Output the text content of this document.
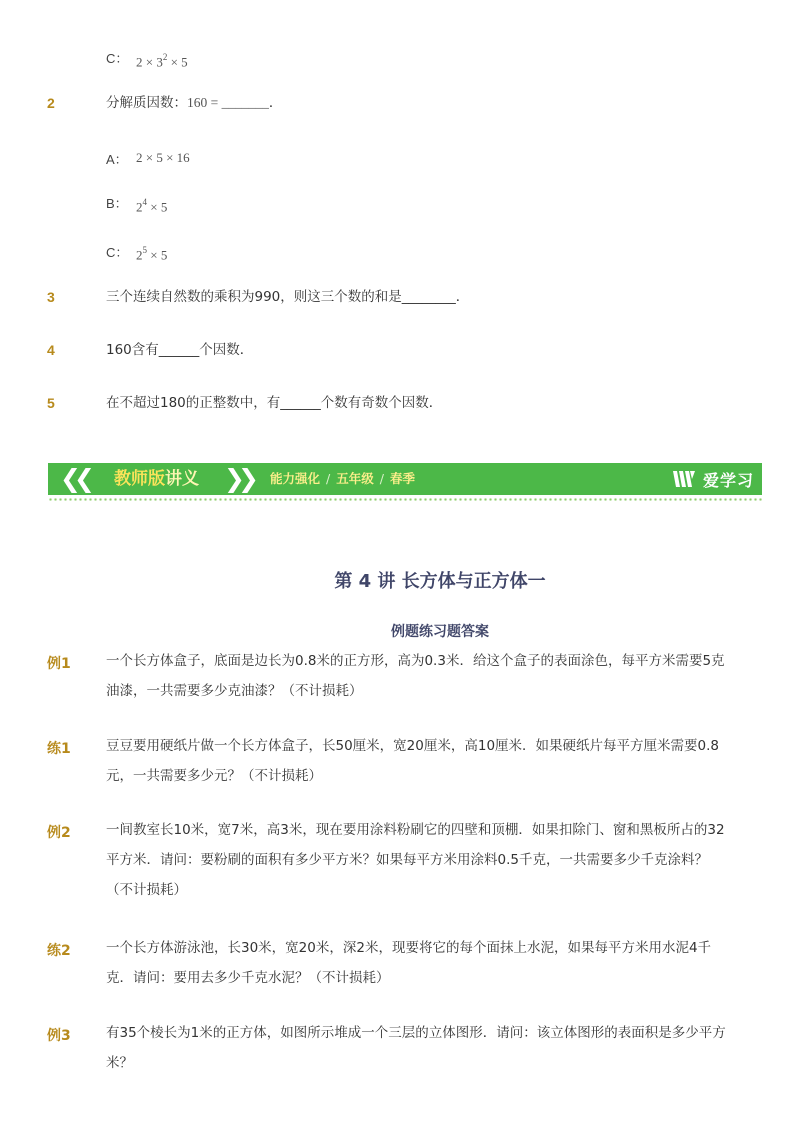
C： $2 \times 3^2 \times 5$
2	分解质因数：160 = _______．
A： 2 × 5 × 16
B： $2^4 \times 5$
C： $2^5 \times 5$
3	三个连续自然数的乘积为990，则这三个数的和是________．
4	160含有______个因数．
5	在不超过180的正整数中，有______个数有奇数个因数．
❮❮ 教师版讲义 ❯❯ 能力强化 / 五年级 / 春季	爱学习
第 4 讲 长方体与正方体一
例题练习题答案
例1	一个长方体盒子，底面是边长为0.8米的正方形，高为0.3米．给这个盒子的表面涂色，每平方米需要5克油漆，一共需要多少克油漆？（不计损耗）
练1	豆豆要用硬纸片做一个长方体盒子，长50厘米，宽20厘米，高10厘米．如果硬纸片每平方厘米需要0.8元，一共需要多少元？（不计损耗）
例2	一间教室长10米，宽7米，高3米，现在要用涂料粉刷它的四壁和顶棚．如果扣除门、窗和黑板所占的32平方米．请问：要粉刷的面积有多少平方米？如果每平方米用涂料0.5千克，一共需要多少千克涂料？（不计损耗）
练2	一个长方体游泳池，长30米，宽20米，深2米，现要将它的每个面抹上水泥，如果每平方米用水泥4千克．请问：要用去多少千克水泥？（不计损耗）
例3	有35个棱长为1米的正方体，如图所示堆成一个三层的立体图形．请问：该立体图形的表面积是多少平方米？
